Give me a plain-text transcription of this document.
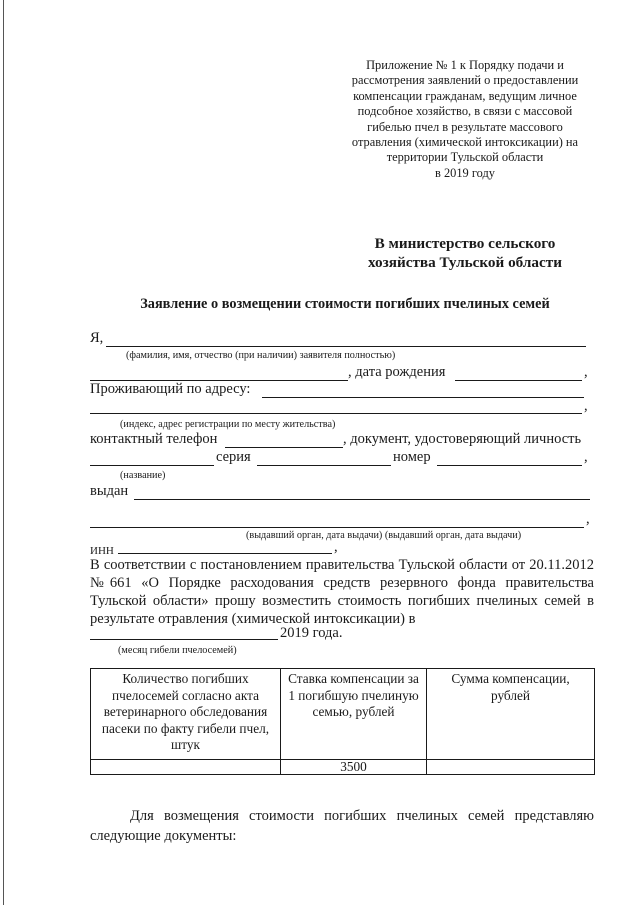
Приложение № 1 к Порядку подачи и
рассмотрения заявлений о предоставлении
компенсации гражданам, ведущим личное
подсобное хозяйство, в связи с массовой
гибелью пчел в результате массового
отравления (химической интоксикации) на
территории Тульской области
в 2019 году
В министерство сельского
хозяйства Тульской области
Заявление о возмещении стоимости погибших пчелиных семей
Я,
(фамилия, имя, отчество (при наличии) заявителя полностью)
, дата рождения	,
Проживающий по адресу:
,
(индекс, адрес регистрации по месту жительства)
контактный телефон	, документ, удостоверяющий личность
серия	номер	,
(название)
выдан
,
(выдавший орган, дата выдачи) (выдавший орган, дата выдачи)
ИНН	,
В соответствии с постановлением правительства Тульской области от 20.11.2012 №661 «О Порядке расходования средств резервного фонда правительства Тульской области» прошу возместить стоимость погибших пчелиных семей в результате отравления (химической интоксикации) в
2019 года.
(месяц гибели пчелосемей)
Количество погибших пчелосемей согласно акта ветеринарного обследования пасеки по факту гибели пчел, штук	Ставка компенсации за 1 погибшую пчелиную семью, рублей	Сумма компенсации, рублей
	3500	
Для возмещения стоимости погибших пчелиных семей представляю следующие документы:
